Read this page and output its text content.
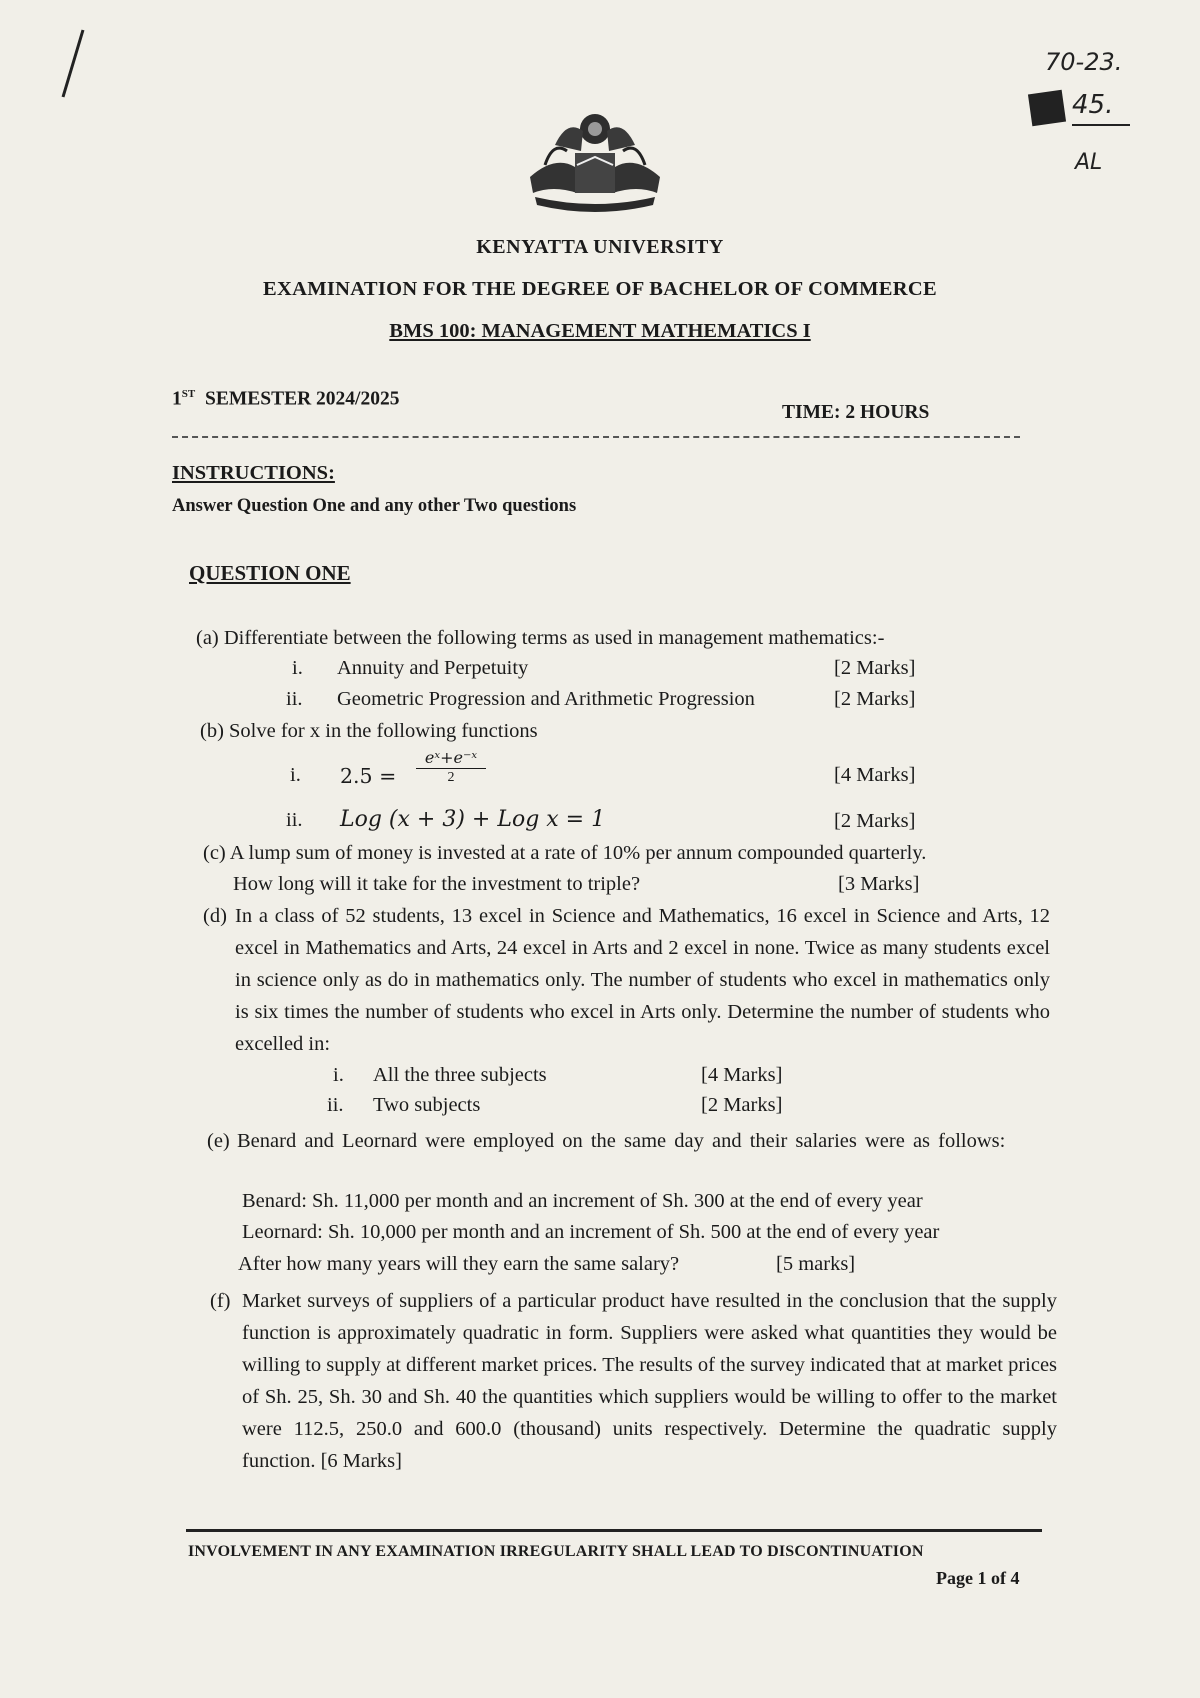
70-23.
45.
AL
KENYATTA UNIVERSITY
EXAMINATION FOR THE DEGREE OF BACHELOR OF COMMERCE
BMS 100: MANAGEMENT MATHEMATICS I
1ST SEMESTER 2024/2025
TIME: 2 HOURS
INSTRUCTIONS:
Answer Question One and any other Two questions
QUESTION ONE
(a) Differentiate between the following terms as used in management mathematics:-
i. Annuity and Perpetuity	[2 Marks]
ii. Geometric Progression and Arithmetic Progression	[2 Marks]
(b) Solve for x in the following functions
i. 2.5 =
eˣ+e⁻ˣ
2	[4 Marks]
ii. Log (x + 3) + Log x = 1	[2 Marks]
(c) A lump sum of money is invested at a rate of 10% per annum compounded quarterly.
How long will it take for the investment to triple?	[3 Marks]
(d) In a class of 52 students, 13 excel in Science and Mathematics, 16 excel in Science and Arts, 12 excel in Mathematics and Arts, 24 excel in Arts and 2 excel in none. Twice as many students excel in science only as do in mathematics only. The number of students who excel in mathematics only is six times the number of students who excel in Arts only. Determine the number of students who excelled in:
i. All the three subjects	[4 Marks]
ii. Two subjects	[2 Marks]
(e) Benard and Leornard were employed on the same day and their salaries were as follows:
Benard: Sh. 11,000 per month and an increment of Sh. 300 at the end of every year
Leornard: Sh. 10,000 per month and an increment of Sh. 500 at the end of every year
After how many years will they earn the same salary?	[5 marks]
(f) Market surveys of suppliers of a particular product have resulted in the conclusion that the supply function is approximately quadratic in form. Suppliers were asked what quantities they would be willing to supply at different market prices. The results of the survey indicated that at market prices of Sh. 25, Sh. 30 and Sh. 40 the quantities which suppliers would be willing to offer to the market were 112.5, 250.0 and 600.0 (thousand) units respectively. Determine the quadratic supply function. [6 Marks]
INVOLVEMENT IN ANY EXAMINATION IRREGULARITY SHALL LEAD TO DISCONTINUATION
Page 1 of 4
